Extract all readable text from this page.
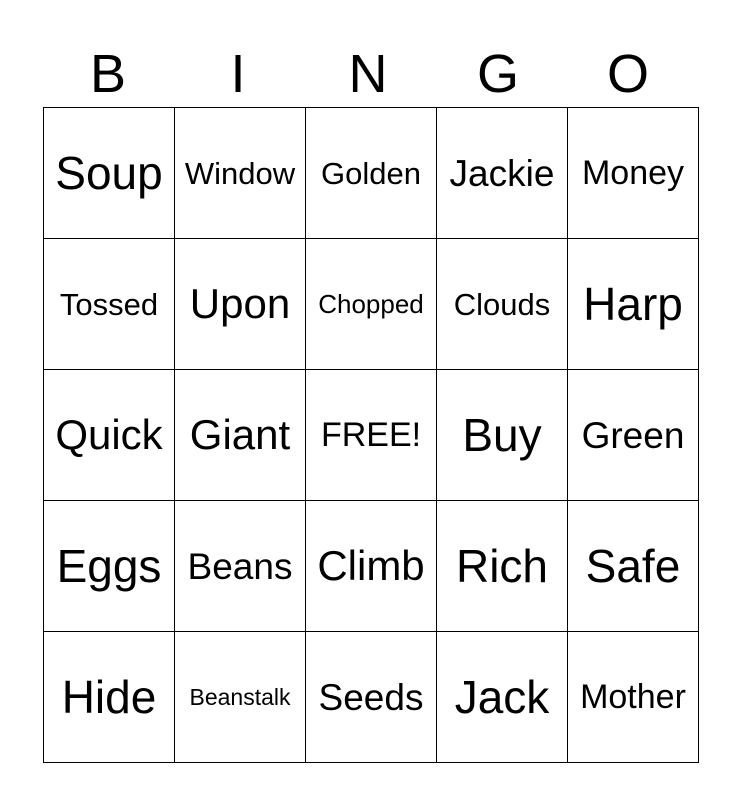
B	I	N	G	O
Soup	Window	Golden	Jackie	Money
Tossed	Upon	Chopped	Clouds	Harp
Quick	Giant	FREE!	Buy	Green
Eggs	Beans	Climb	Rich	Safe
Hide	Beanstalk	Seeds	Jack	Mother
